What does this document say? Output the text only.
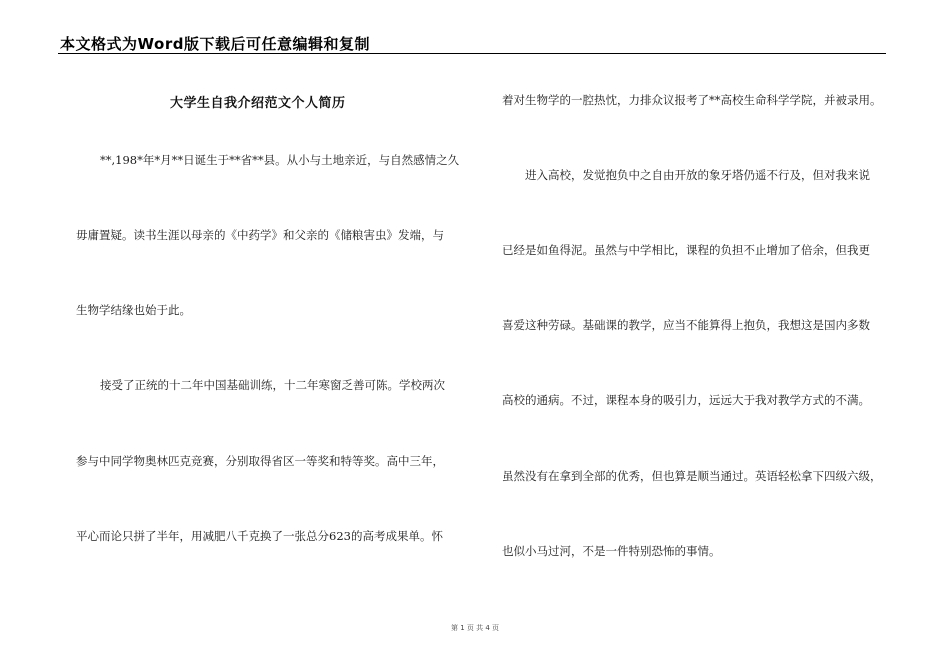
本文格式为Word版下载后可任意编辑和复制
大学生自我介绍范文个人简历
**,198*年*月**日诞生于**省**县。从小与土地亲近，与自然感情之久
毋庸置疑。读书生涯以母亲的《中药学》和父亲的《储粮害虫》发端，与
生物学结缘也始于此。
接受了正统的十二年中国基础训练，十二年寒窗乏善可陈。学校两次
参与中同学物奥林匹克竞赛，分别取得省区一等奖和特等奖。高中三年，
平心而论只拼了半年，用减肥八千克换了一张总分623的高考成果单。怀
着对生物学的一腔热忱，力排众议报考了**高校生命科学学院，并被录用。
进入高校，发觉抱负中之自由开放的象牙塔仍遥不行及，但对我来说
已经是如鱼得泥。虽然与中学相比，课程的负担不止增加了倍余，但我更
喜爱这种劳碌。基础课的教学，应当不能算得上抱负，我想这是国内多数
高校的通病。不过，课程本身的吸引力，远远大于我对教学方式的不满。
虽然没有在拿到全部的优秀，但也算是顺当通过。英语轻松拿下四级六级，
也似小马过河，不是一件特别恐怖的事情。
第 1 页 共 4 页
